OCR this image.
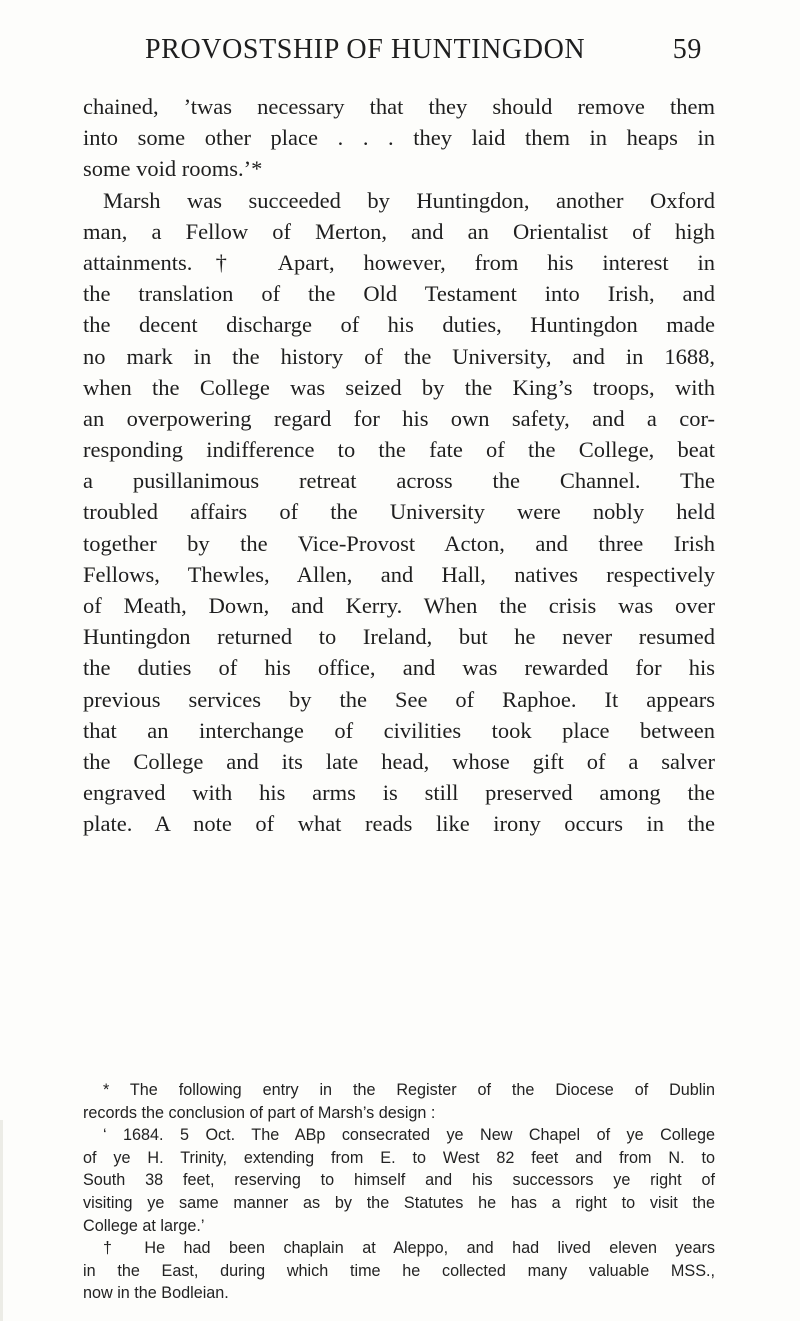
PROVOSTSHIP OF HUNTINGDON	59
chained, ’twas necessary that they should remove them
into some other place . . . they laid them in heaps in
some void rooms.’*
Marsh was succeeded by Huntingdon, another Oxford
man, a Fellow of Merton, and an Orientalist of high
attainments.† Apart, however, from his interest in
the translation of the Old Testament into Irish, and
the decent discharge of his duties, Huntingdon made
no mark in the history of the University, and in 1688,
when the College was seized by the King’s troops, with
an overpowering regard for his own safety, and a cor-
responding indifference to the fate of the College, beat
a pusillanimous retreat across the Channel. The
troubled affairs of the University were nobly held
together by the Vice-Provost Acton, and three Irish
Fellows, Thewles, Allen, and Hall, natives respectively
of Meath, Down, and Kerry. When the crisis was over
Huntingdon returned to Ireland, but he never resumed
the duties of his office, and was rewarded for his
previous services by the See of Raphoe. It appears
that an interchange of civilities took place between
the College and its late head, whose gift of a salver
engraved with his arms is still preserved among the
plate. A note of what reads like irony occurs in the
* The following entry in the Register of the Diocese of Dublin
records the conclusion of part of Marsh’s design :
‘ 1684. 5 Oct. The ABp consecrated ye New Chapel of ye College
of ye H. Trinity, extending from E. to West 82 feet and from N. to
South 38 feet, reserving to himself and his successors ye right of
visiting ye same manner as by the Statutes he has a right to visit the
College at large.’
† He had been chaplain at Aleppo, and had lived eleven years
in the East, during which time he collected many valuable MSS.,
now in the Bodleian.
